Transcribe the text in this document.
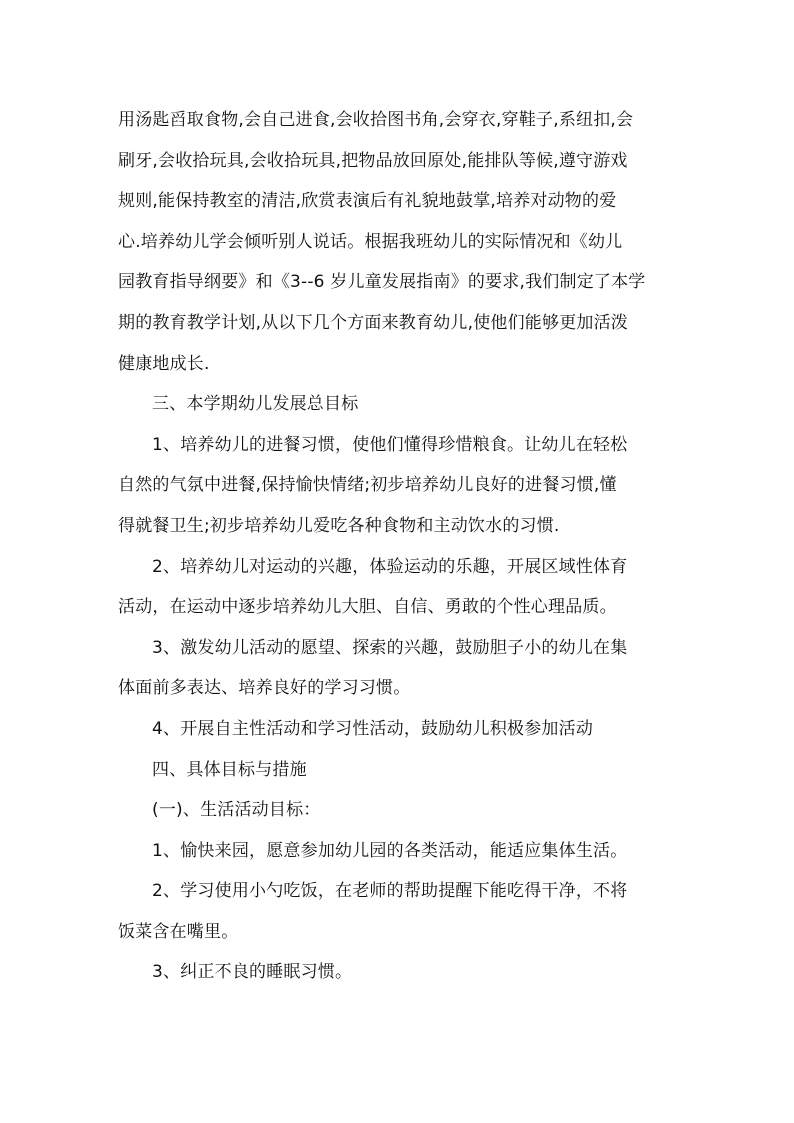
用汤匙舀取食物,会自己进食,会收拾图书角,会穿衣,穿鞋子,系纽扣,会
刷牙,会收拾玩具,会收拾玩具,把物品放回原处,能排队等候,遵守游戏
规则,能保持教室的清洁,欣赏表演后有礼貌地鼓掌,培养对动物的爱
心.培养幼儿学会倾听别人说话。根据我班幼儿的实际情况和《幼儿
园教育指导纲要》和《3--6 岁儿童发展指南》的要求,我们制定了本学
期的教育教学计划,从以下几个方面来教育幼儿,使他们能够更加活泼
健康地成长.
三、本学期幼儿发展总目标
1、培养幼儿的进餐习惯，使他们懂得珍惜粮食。让幼儿在轻松
自然的气氛中进餐,保持愉快情绪;初步培养幼儿良好的进餐习惯,懂
得就餐卫生;初步培养幼儿爱吃各种食物和主动饮水的习惯.
2、培养幼儿对运动的兴趣，体验运动的乐趣，开展区域性体育
活动，在运动中逐步培养幼儿大胆、自信、勇敢的个性心理品质。
3、激发幼儿活动的愿望、探索的兴趣，鼓励胆子小的幼儿在集
体面前多表达、培养良好的学习习惯。
4、开展自主性活动和学习性活动，鼓励幼儿积极参加活动
四、具体目标与措施
(一)、生活活动目标：
1、愉快来园，愿意参加幼儿园的各类活动，能适应集体生活。
2、学习使用小勺吃饭，在老师的帮助提醒下能吃得干净，不将
饭菜含在嘴里。
3、纠正不良的睡眠习惯。
